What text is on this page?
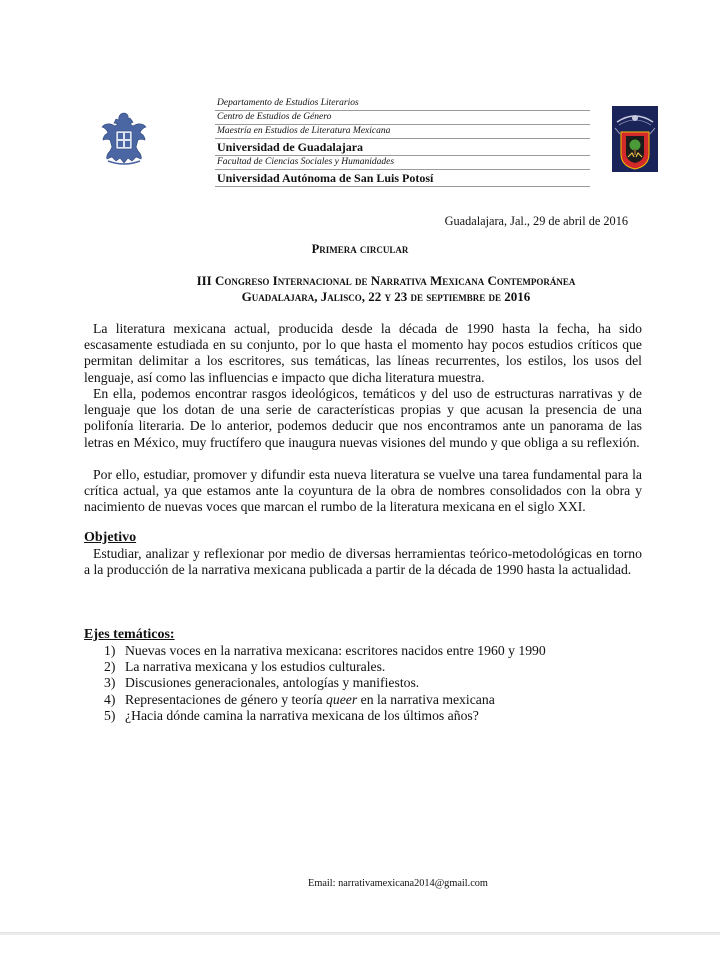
Departamento de Estudios Literarios
Centro de Estudios de Género
Maestría en Estudios de Literatura Mexicana
Universidad de Guadalajara
Facultad de Ciencias Sociales y Humanidades
Universidad Autónoma de San Luis Potosí
Guadalajara, Jal., 29 de abril de 2016
Primera circular
III Congreso Internacional de Narrativa Mexicana Contemporánea
Guadalajara, Jalisco, 22 y 23 de septiembre de 2016

La literatura mexicana actual, producida desde la década de 1990 hasta la fecha, ha sido escasamente estudiada en su conjunto, por lo que hasta el momento hay pocos estudios críticos que permitan delimitar a los escritores, sus temáticas, las líneas recurrentes, los estilos, los usos del lenguaje, así como las influencias e impacto que dicha literatura muestra.

En ella, podemos encontrar rasgos ideológicos, temáticos y del uso de estructuras narrativas y de lenguaje que los dotan de una serie de características propias y que acusan la presencia de una polifonía literaria. De lo anterior, podemos deducir que nos encontramos ante un panorama de las letras en México, muy fructífero que inaugura nuevas visiones del mundo y que obliga a su reflexión.

Por ello, estudiar, promover y difundir esta nueva literatura se vuelve una tarea fundamental para la crítica actual, ya que estamos ante la coyuntura de la obra de nombres consolidados con la obra y nacimiento de nuevas voces que marcan el rumbo de la literatura mexicana en el siglo XXI.

Objetivo

Estudiar, analizar y reflexionar por medio de diversas herramientas teórico-metodológicas en torno a la producción de la narrativa mexicana publicada a partir de la década de 1990 hasta la actualidad.

Ejes temáticos:
1) Nuevas voces en la narrativa mexicana: escritores nacidos entre 1960 y 1990
2) La narrativa mexicana y los estudios culturales.
3) Discusiones generacionales, antologías y manifiestos.
4) Representaciones de género y teoría queer en la narrativa mexicana
5) ¿Hacia dónde camina la narrativa mexicana de los últimos años?
Email: narrativamexicana2014@gmail.com
